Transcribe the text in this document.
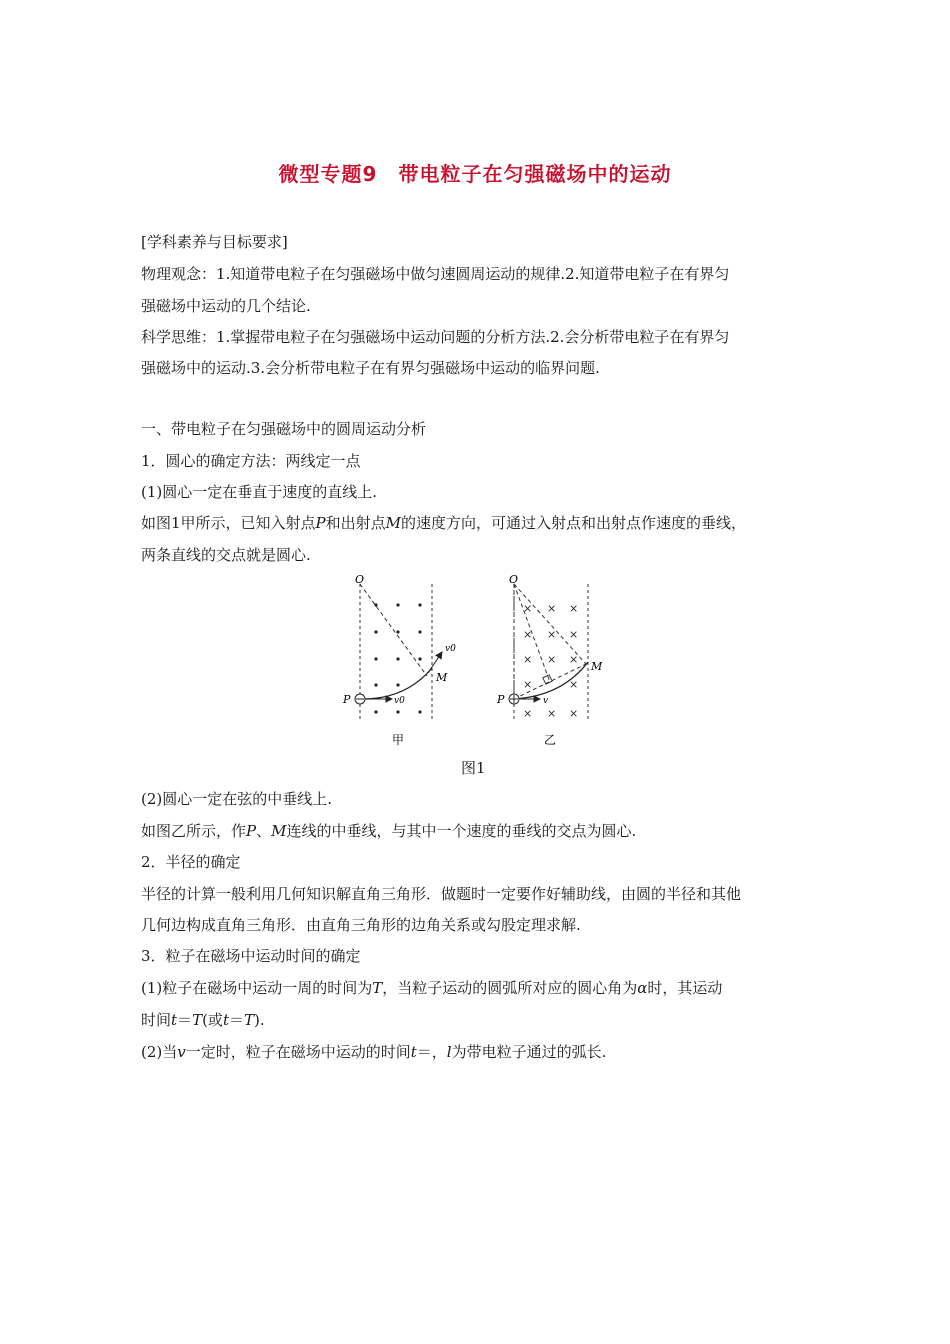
微型专题9　带电粒子在匀强磁场中的运动
[学科素养与目标要求]
物理观念：1.知道带电粒子在匀强磁场中做匀速圆周运动的规律.2.知道带电粒子在有界匀
强磁场中运动的几个结论.
科学思维：1.掌握带电粒子在匀强磁场中运动问题的分析方法.2.会分析带电粒子在有界匀
强磁场中的运动.3.会分析带电粒子在有界匀强磁场中运动的临界问题.
一、带电粒子在匀强磁场中的圆周运动分析
1．圆心的确定方法：两线定一点
(1)圆心一定在垂直于速度的直线上.
如图1甲所示，已知入射点P和出射点M的速度方向，可通过入射点和出射点作速度的垂线，
两条直线的交点就是圆心.
O
P
M
v0
v0
甲
× × ×
× × ×
× × ×
×	×
× × ×
O
P
M
v
乙
图1
(2)圆心一定在弦的中垂线上.
如图乙所示，作P、M连线的中垂线，与其中一个速度的垂线的交点为圆心.
2．半径的确定
半径的计算一般利用几何知识解直角三角形．做题时一定要作好辅助线，由圆的半径和其他
几何边构成直角三角形．由直角三角形的边角关系或勾股定理求解.
3．粒子在磁场中运动时间的确定
(1)粒子在磁场中运动一周的时间为T，当粒子运动的圆弧所对应的圆心角为α时，其运动
时间t＝T(或t＝T).
(2)当v一定时，粒子在磁场中运动的时间t＝，l为带电粒子通过的弧长.
